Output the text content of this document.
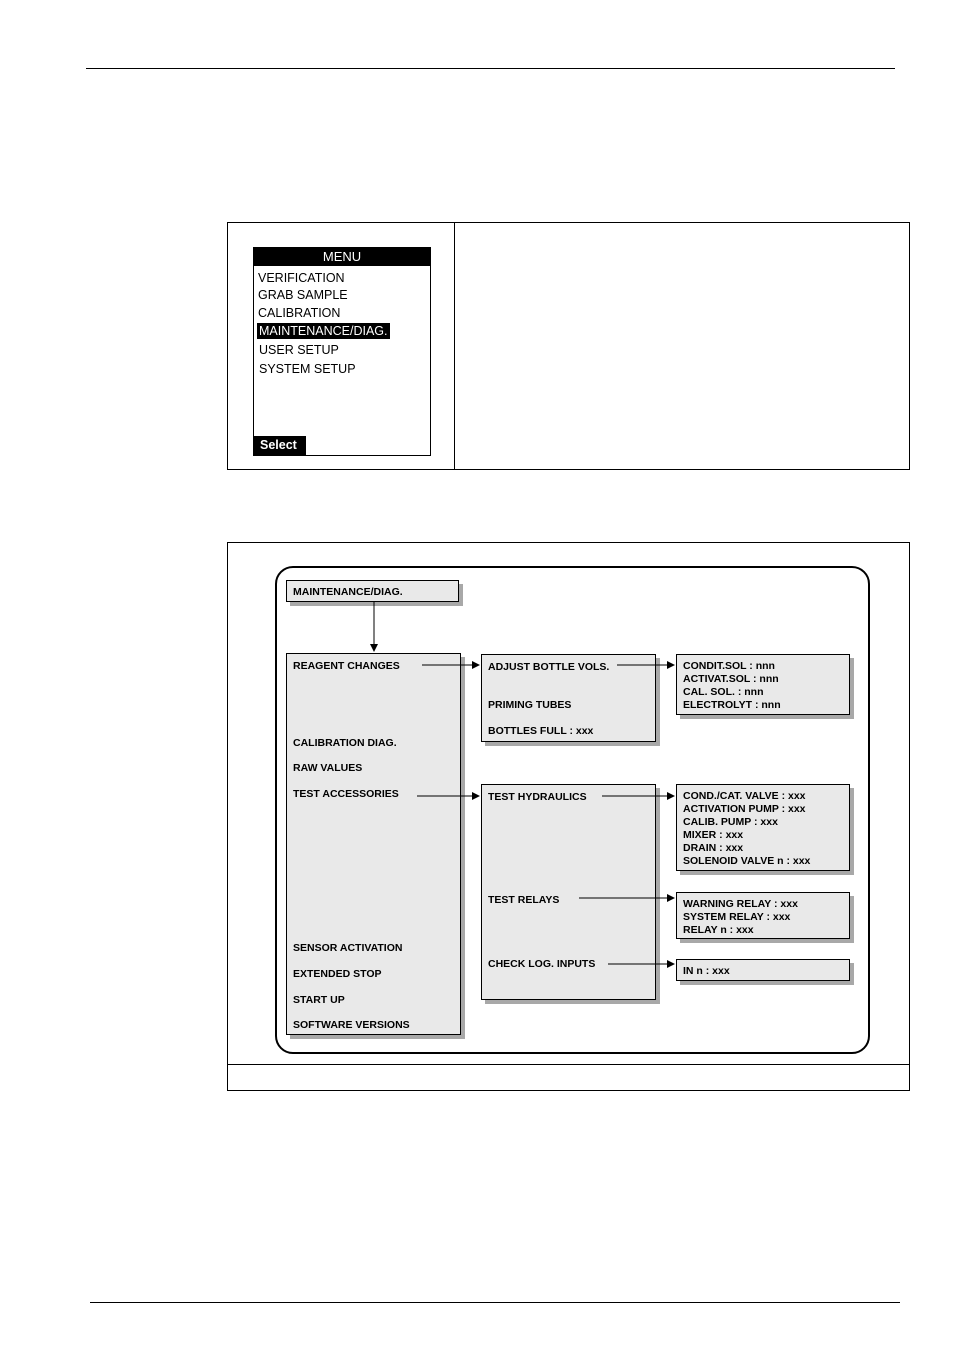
MENU
VERIFICATION
GRAB SAMPLE
CALIBRATION
MAINTENANCE/DIAG.
USER SETUP
SYSTEM SETUP
Select
MAINTENANCE/DIAG.
REAGENT CHANGES
CALIBRATION DIAG.
RAW VALUES
TEST ACCESSORIES
SENSOR ACTIVATION
EXTENDED STOP
START UP
SOFTWARE VERSIONS
ADJUST BOTTLE VOLS.
PRIMING TUBES
BOTTLES FULL : xxx
CONDIT.SOL : nnn
ACTIVAT.SOL : nnn
CAL. SOL. : nnn
ELECTROLYT : nnn
TEST HYDRAULICS
TEST RELAYS
CHECK LOG. INPUTS
COND./CAT. VALVE : xxx
ACTIVATION PUMP : xxx
CALIB. PUMP : xxx
MIXER : xxx
DRAIN : xxx
SOLENOID VALVE n : xxx
WARNING RELAY : xxx
SYSTEM RELAY : xxx
RELAY n : xxx
IN n : xxx
